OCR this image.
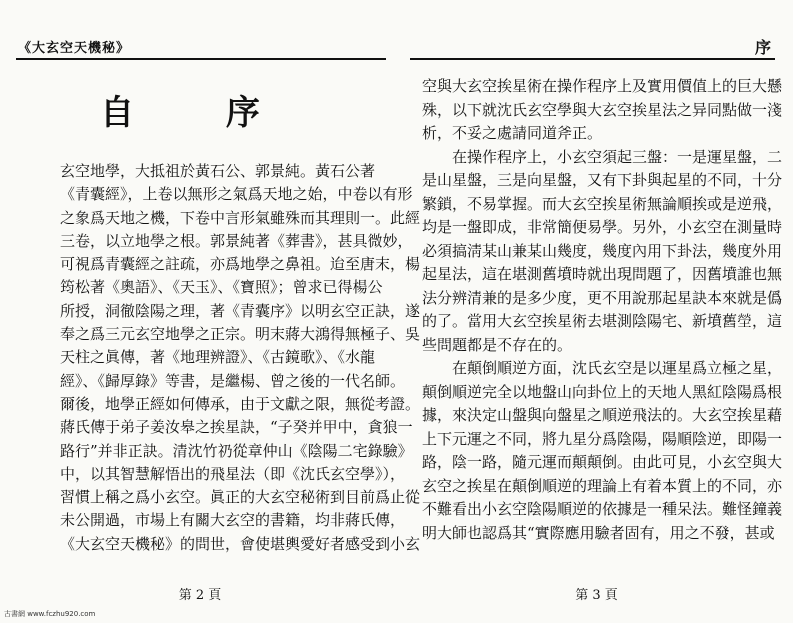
《大玄空天機秘》
自 序
玄空地學，大抵祖於黃石公、郭景純。黃石公著
《青囊經》，上卷以無形之氣爲天地之始，中卷以有形
之象爲天地之機，下卷中言形氣雖殊而其理則一。此經
三卷，以立地學之根。郭景純著《葬書》，甚具微妙，
可視爲青囊經之註疏，亦爲地學之鼻祖。迨至唐末，楊
筠松著《奧語》、《天玉》、《寶照》；曾求已得楊公
所授，洞徹陰陽之理，著《青囊序》以明玄空正訣，遂
奉之爲三元玄空地學之正宗。明末蔣大鴻得無極子、吳
天柱之眞傳，著《地理辨證》、《古鏡歌》、《水龍
經》、《歸厚錄》等書，是繼楊、曾之後的一代名師。
爾後，地學正經如何傳承，由于文獻之限，無從考證。
蔣氏傳于弟子姜汝皋之挨星訣，“子癸并甲中，貪狼一
路行”并非正訣。清沈竹礽從章仲山《陰陽二宅錄驗》
中，以其智慧解悟出的飛星法（即《沈氏玄空學》），
習慣上稱之爲小玄空。眞正的大玄空秘術到目前爲止從
未公開過，市場上有關大玄空的書籍，均非蔣氏傳，
《大玄空天機秘》的問世，會使堪輿愛好者感受到小玄
第 2 頁
古書網 www.fczhu920.com
序
空與大玄空挨星術在操作程序上及實用價值上的巨大懸
殊，以下就沈氏玄空學與大玄空挨星法之异同點做一淺
析，不妥之處請同道斧正。
在操作程序上，小玄空須起三盤：一是運星盤，二
是山星盤，三是向星盤，又有下卦與起星的不同，十分
繁鎖，不易掌握。而大玄空挨星術無論順挨或是逆飛，
均是一盤即成，非常簡便易學。另外，小玄空在測量時
必須搞淸某山兼某山幾度，幾度內用下卦法，幾度外用
起星法，這在堪測舊墳時就出現問題了，因舊墳誰也無
法分辨清兼的是多少度，更不用說那起星訣本來就是僞
的了。當用大玄空挨星術去堪測陰陽宅、新墳舊塋，這
些問題都是不存在的。
在顛倒順逆方面，沈氏玄空是以運星爲立極之星，
顛倒順逆完全以地盤山向卦位上的天地人黑紅陰陽爲根
據，來決定山盤與向盤星之順逆飛法的。大玄空挨星藉
上下元運之不同，將九星分爲陰陽，陽順陰逆，即陽一
路，陰一路，隨元運而顛顛倒。由此可見，小玄空與大
玄空之挨星在顛倒順逆的理論上有着本質上的不同，亦
不難看出小玄空陰陽順逆的依據是一種呆法。難怪鐘義
明大師也認爲其“實際應用驗者固有，用之不發，甚或
第 3 頁
